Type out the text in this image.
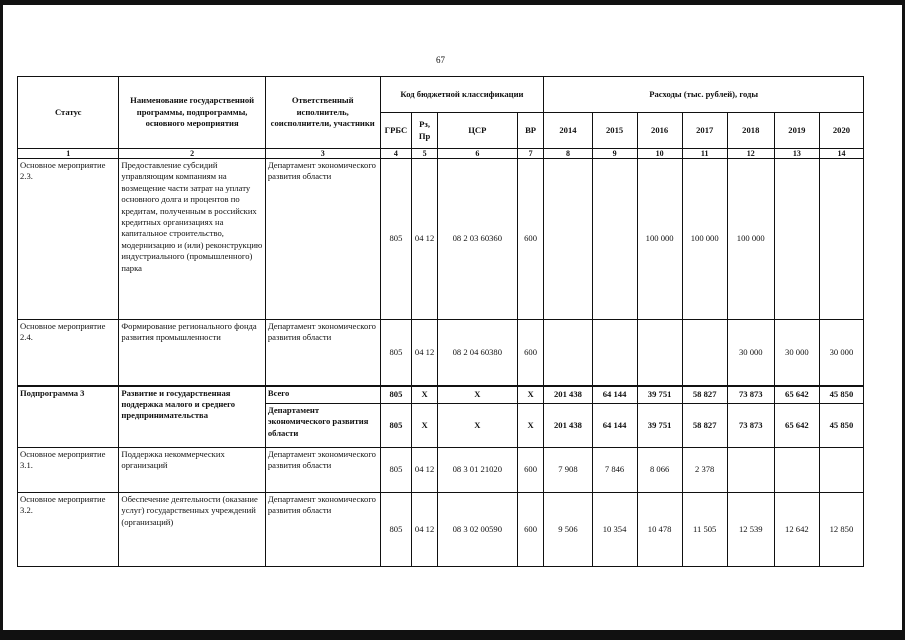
67
Статус	Наименование государственной программы, подпрограммы, основного мероприятия	Ответственный исполнитель, соисполнители, участники	Код бюджетной классификации				Расходы (тыс. рублей), годы						
			ГРБС	Рз, Пр	ЦСР	ВР	2014	2015	2016	2017	2018	2019	2020
1	2	3	4	5	6	7	8	9	10	11	12	13	14
Основное мероприятие 2.3.	Предоставление субсидий управляющим компаниям на возмещение части затрат на уплату основного долга и процентов по кредитам, полученным в российских кредитных организациях на капитальное строительство, модернизацию и (или) реконструкцию индустриального (промышленного) парка	Департамент экономического развития области	805	04 12	08 2 03 60360	600			100 000	100 000	100 000		
Основное мероприятие 2.4.	Формирование регионального фонда развития промышленности	Департамент экономического развития области	805	04 12	08 2 04 60380	600					30 000	30 000	30 000
Подпрограмма 3	Развитие и государственная поддержка малого и среднего предпринимательства	Всего	805	Х	Х	Х	201 438	64 144	39 751	58 827	73 873	65 642	45 850
		Департамент экономического развития области	805	Х	Х	Х	201 438	64 144	39 751	58 827	73 873	65 642	45 850
Основное мероприятие 3.1.	Поддержка некоммерческих организаций	Департамент экономического развития области	805	04 12	08 3 01 21020	600	7 908	7 846	8 066	2 378			
Основное мероприятие 3.2.	Обеспечение деятельности (оказание услуг) государственных учреждений (организаций)	Департамент экономического развития области	805	04 12	08 3 02 00590	600	9 506	10 354	10 478	11 505	12 539	12 642	12 850
